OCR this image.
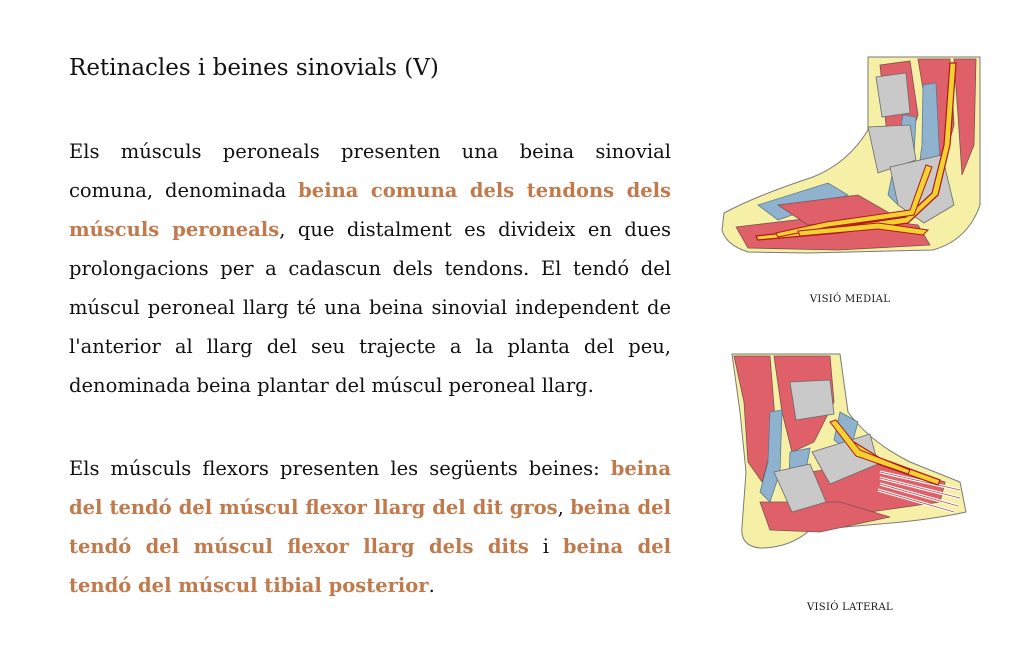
Retinacles i beines sinovials (V)

Els músculs peroneals presenten una beina sinovial comuna, denominada beina comuna dels tendons dels músculs peroneals, que distalment es divideix en dues prolongacions per a cadascun dels tendons. El tendó del múscul peroneal llarg té una beina sinovial independent de l'anterior al llarg del seu trajecte a la planta del peu, denominada beina plantar del múscul peroneal llarg.

Els músculs flexors presenten les següents beines: beina del tendó del múscul flexor llarg del dit gros, beina del tendó del múscul flexor llarg dels dits i beina del tendó del múscul tibial posterior.

VISIÓ MEDIAL
VISIÓ LATERAL
